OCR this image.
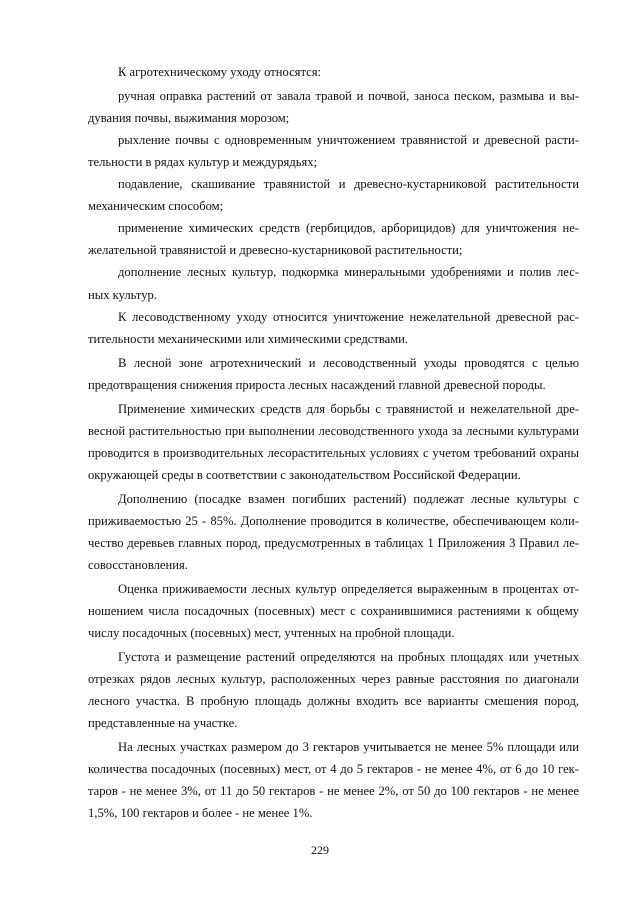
К агротехническому уходу относятся:
ручная оправка растений от завала травой и почвой, заноса песком, размыва и вы-
дувания почвы, выжимания морозом;
рыхление почвы с одновременным уничтожением травянистой и древесной расти-
тельности в рядах культур и междурядьях;
подавление, скашивание травянистой и древесно-кустарниковой растительности
механическим способом;
применение химических средств (гербицидов, арборицидов) для уничтожения не-
желательной травянистой и древесно-кустарниковой растительности;
дополнение лесных культур, подкормка минеральными удобрениями и полив лес-
ных культур.
К лесоводственному уходу относится уничтожение нежелательной древесной рас-
тительности механическими или химическими средствами.
В лесной зоне агротехнический и лесоводственный уходы проводятся с целью
предотвращения снижения прироста лесных насаждений главной древесной породы.
Применение химических средств для борьбы с травянистой и нежелательной дре-
весной растительностью при выполнении лесоводственного ухода за лесными культурами
проводится в производительных лесорастительных условиях с учетом требований охраны
окружающей среды в соответствии с законодательством Российской Федерации.
Дополнению (посадке взамен погибших растений) подлежат лесные культуры с
приживаемостью 25 - 85%. Дополнение проводится в количестве, обеспечивающем коли-
чество деревьев главных пород, предусмотренных в таблицах 1 Приложения 3 Правил ле-
совосстановления.
Оценка приживаемости лесных культур определяется выраженным в процентах от-
ношением числа посадочных (посевных) мест с сохранившимися растениями к общему
числу посадочных (посевных) мест, учтенных на пробной площади.
Густота и размещение растений определяются на пробных площадях или учетных
отрезках рядов лесных культур, расположенных через равные расстояния по диагонали
лесного участка. В пробную площадь должны входить все варианты смешения пород,
представленные на участке.
На лесных участках размером до 3 гектаров учитывается не менее 5% площади или
количества посадочных (посевных) мест, от 4 до 5 гектаров - не менее 4%, от 6 до 10 гек-
таров - не менее 3%, от 11 до 50 гектаров - не менее 2%, от 50 до 100 гектаров - не менее
1,5%, 100 гектаров и более - не менее 1%.
229
